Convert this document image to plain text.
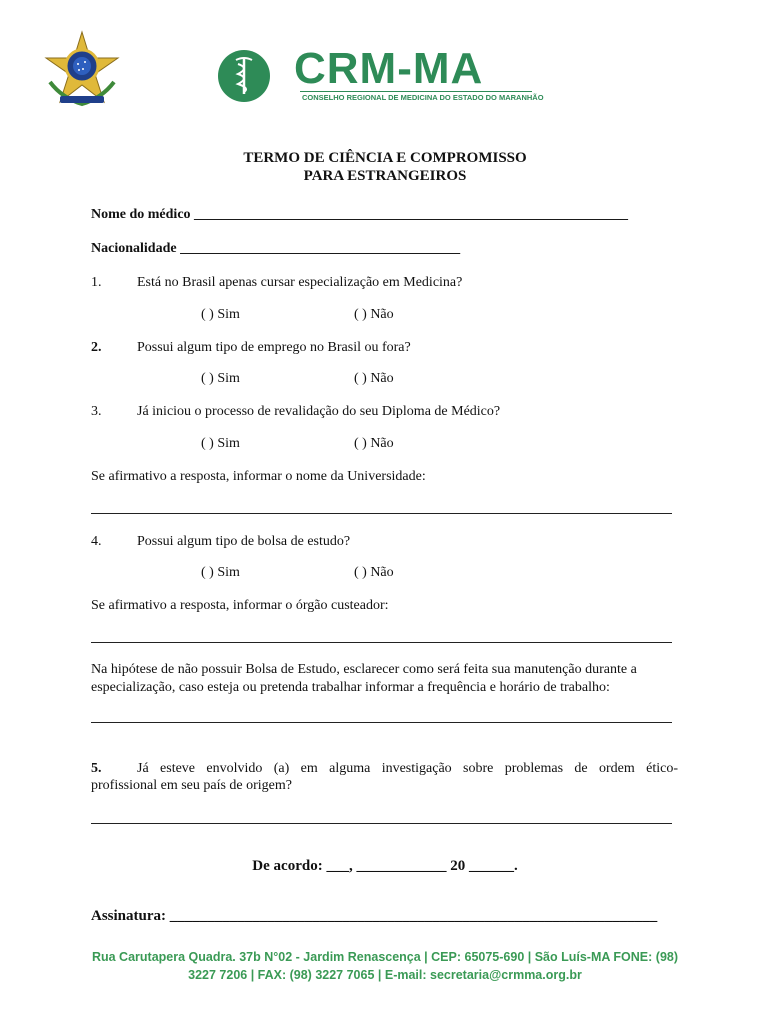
CRM-MA
CONSELHO REGIONAL DE MEDICINA DO ESTADO DO MARANHÃO
TERMO DE CIÊNCIA E COMPROMISSO
PARA ESTRANGEIROS
Nome do médico ______________________________________________________________
Nacionalidade ________________________________________
1.	Está no Brasil apenas cursar especialização em Medicina?
( ) Sim	( ) Não
2.	Possui algum tipo de emprego no Brasil ou fora?
( ) Sim	( ) Não
3.	Já iniciou o processo de revalidação do seu Diploma de Médico?
( ) Sim	( ) Não
Se afirmativo a resposta, informar o nome da Universidade:
4.	Possui algum tipo de bolsa de estudo?
( ) Sim	( ) Não
Se afirmativo a resposta, informar o órgão custeador:
Na hipótese de não possuir Bolsa de Estudo, esclarecer como será feita sua manutenção durante a
especialização, caso esteja ou pretenda trabalhar informar a frequência e horário de trabalho:
5.	Já esteve envolvido (a) em alguma investigação sobre problemas de ordem ético-
profissional em seu país de origem?
De acordo: ___, ____________ 20 ______.
Assinatura: _________________________________________________________________
Rua Carutapera Quadra. 37b N°02 - Jardim Renascença | CEP: 65075-690 | São Luís-MA FONE: (98)
3227 7206 | FAX: (98) 3227 7065 | E-mail: secretaria@crmma.org.br
